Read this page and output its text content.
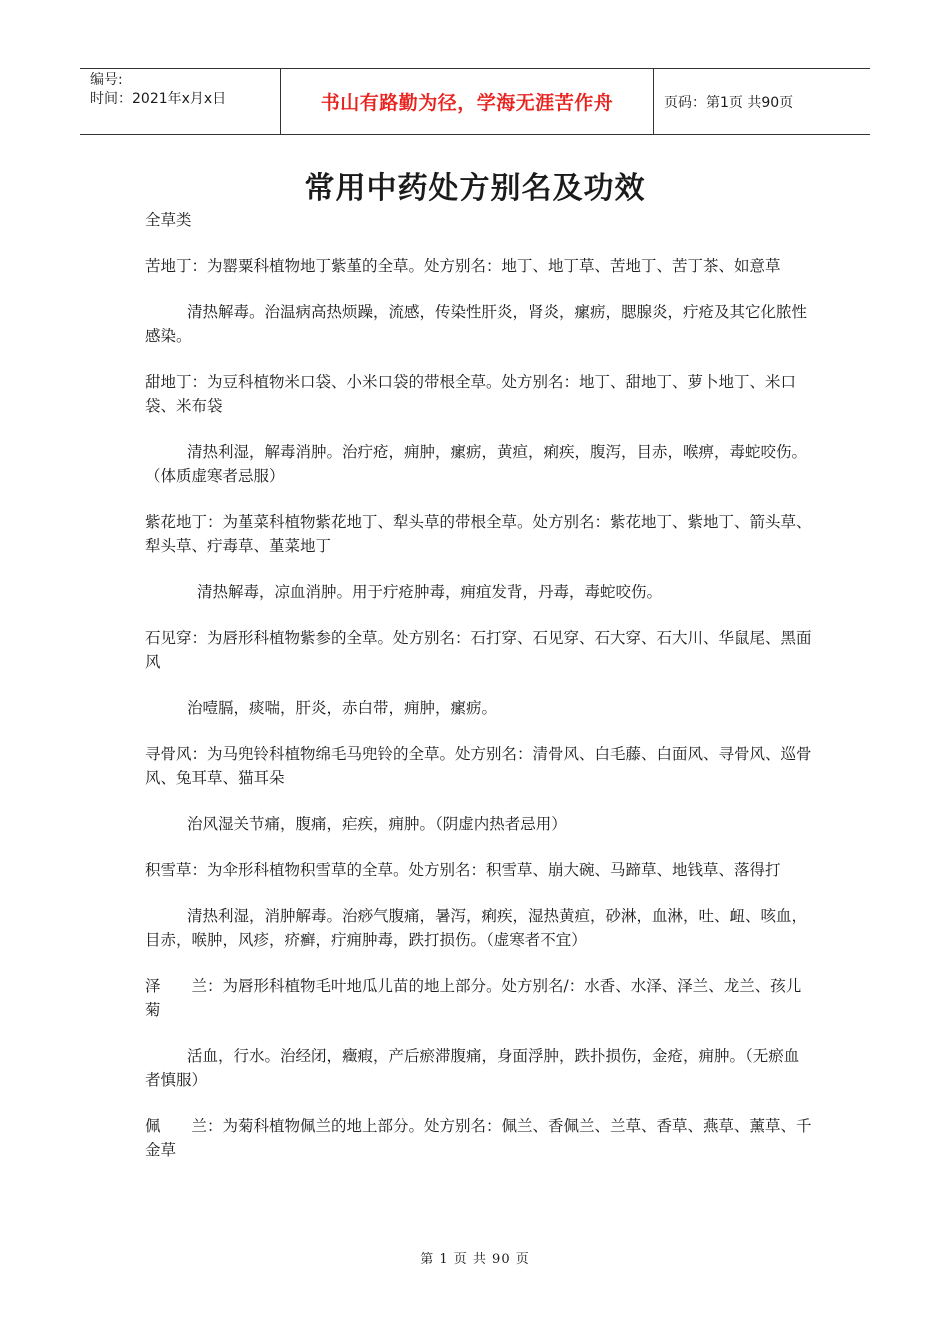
编号:
时间：2021年x月x日	书山有路勤为径，学海无涯苦作舟	页码：第1页 共90页
常用中药处方别名及功效

全草类

苦地丁：为罂粟科植物地丁紫堇的全草。处方别名：地丁、地丁草、苦地丁、苦丁茶、如意草

清热解毒。治温病高热烦躁，流感，传染性肝炎，肾炎，瘰疬，腮腺炎，疔疮及其它化脓性感染。

甜地丁：为豆科植物米口袋、小米口袋的带根全草。处方别名：地丁、甜地丁、萝卜地丁、米口袋、米布袋

清热利湿，解毒消肿。治疔疮，痈肿，瘰疬，黄疸，痢疾，腹泻，目赤，喉痹，毒蛇咬伤。（体质虚寒者忌服）

紫花地丁：为堇菜科植物紫花地丁、犁头草的带根全草。处方别名：紫花地丁、紫地丁、箭头草、犁头草、疔毒草、堇菜地丁

清热解毒，凉血消肿。用于疔疮肿毒，痈疽发背，丹毒，毒蛇咬伤。

石见穿：为唇形科植物紫参的全草。处方别名：石打穿、石见穿、石大穿、石大川、华鼠尾、黑面风

治噎膈，痰喘，肝炎，赤白带，痈肿，瘰疬。

寻骨风：为马兜铃科植物绵毛马兜铃的全草。处方别名：清骨风、白毛藤、白面风、寻骨风、巡骨风、兔耳草、猫耳朵

治风湿关节痛，腹痛，疟疾，痈肿。（阴虚内热者忌用）

积雪草：为伞形科植物积雪草的全草。处方别名：积雪草、崩大碗、马蹄草、地钱草、落得打

清热利湿，消肿解毒。治痧气腹痛，暑泻，痢疾，湿热黄疸，砂淋，血淋，吐、衄、咳血，目赤，喉肿，风疹，疥癣，疔痈肿毒，跌打损伤。（虚寒者不宜）

泽　　兰：为唇形科植物毛叶地瓜儿苗的地上部分。处方别名/：水香、水泽、泽兰、龙兰、孩儿菊

活血，行水。治经闭，癥瘕，产后瘀滞腹痛，身面浮肿，跌扑损伤，金疮，痈肿。（无瘀血者慎服）

佩　　兰：为菊科植物佩兰的地上部分。处方别名：佩兰、香佩兰、兰草、香草、燕草、薰草、千金草

第 1 页 共 90 页
